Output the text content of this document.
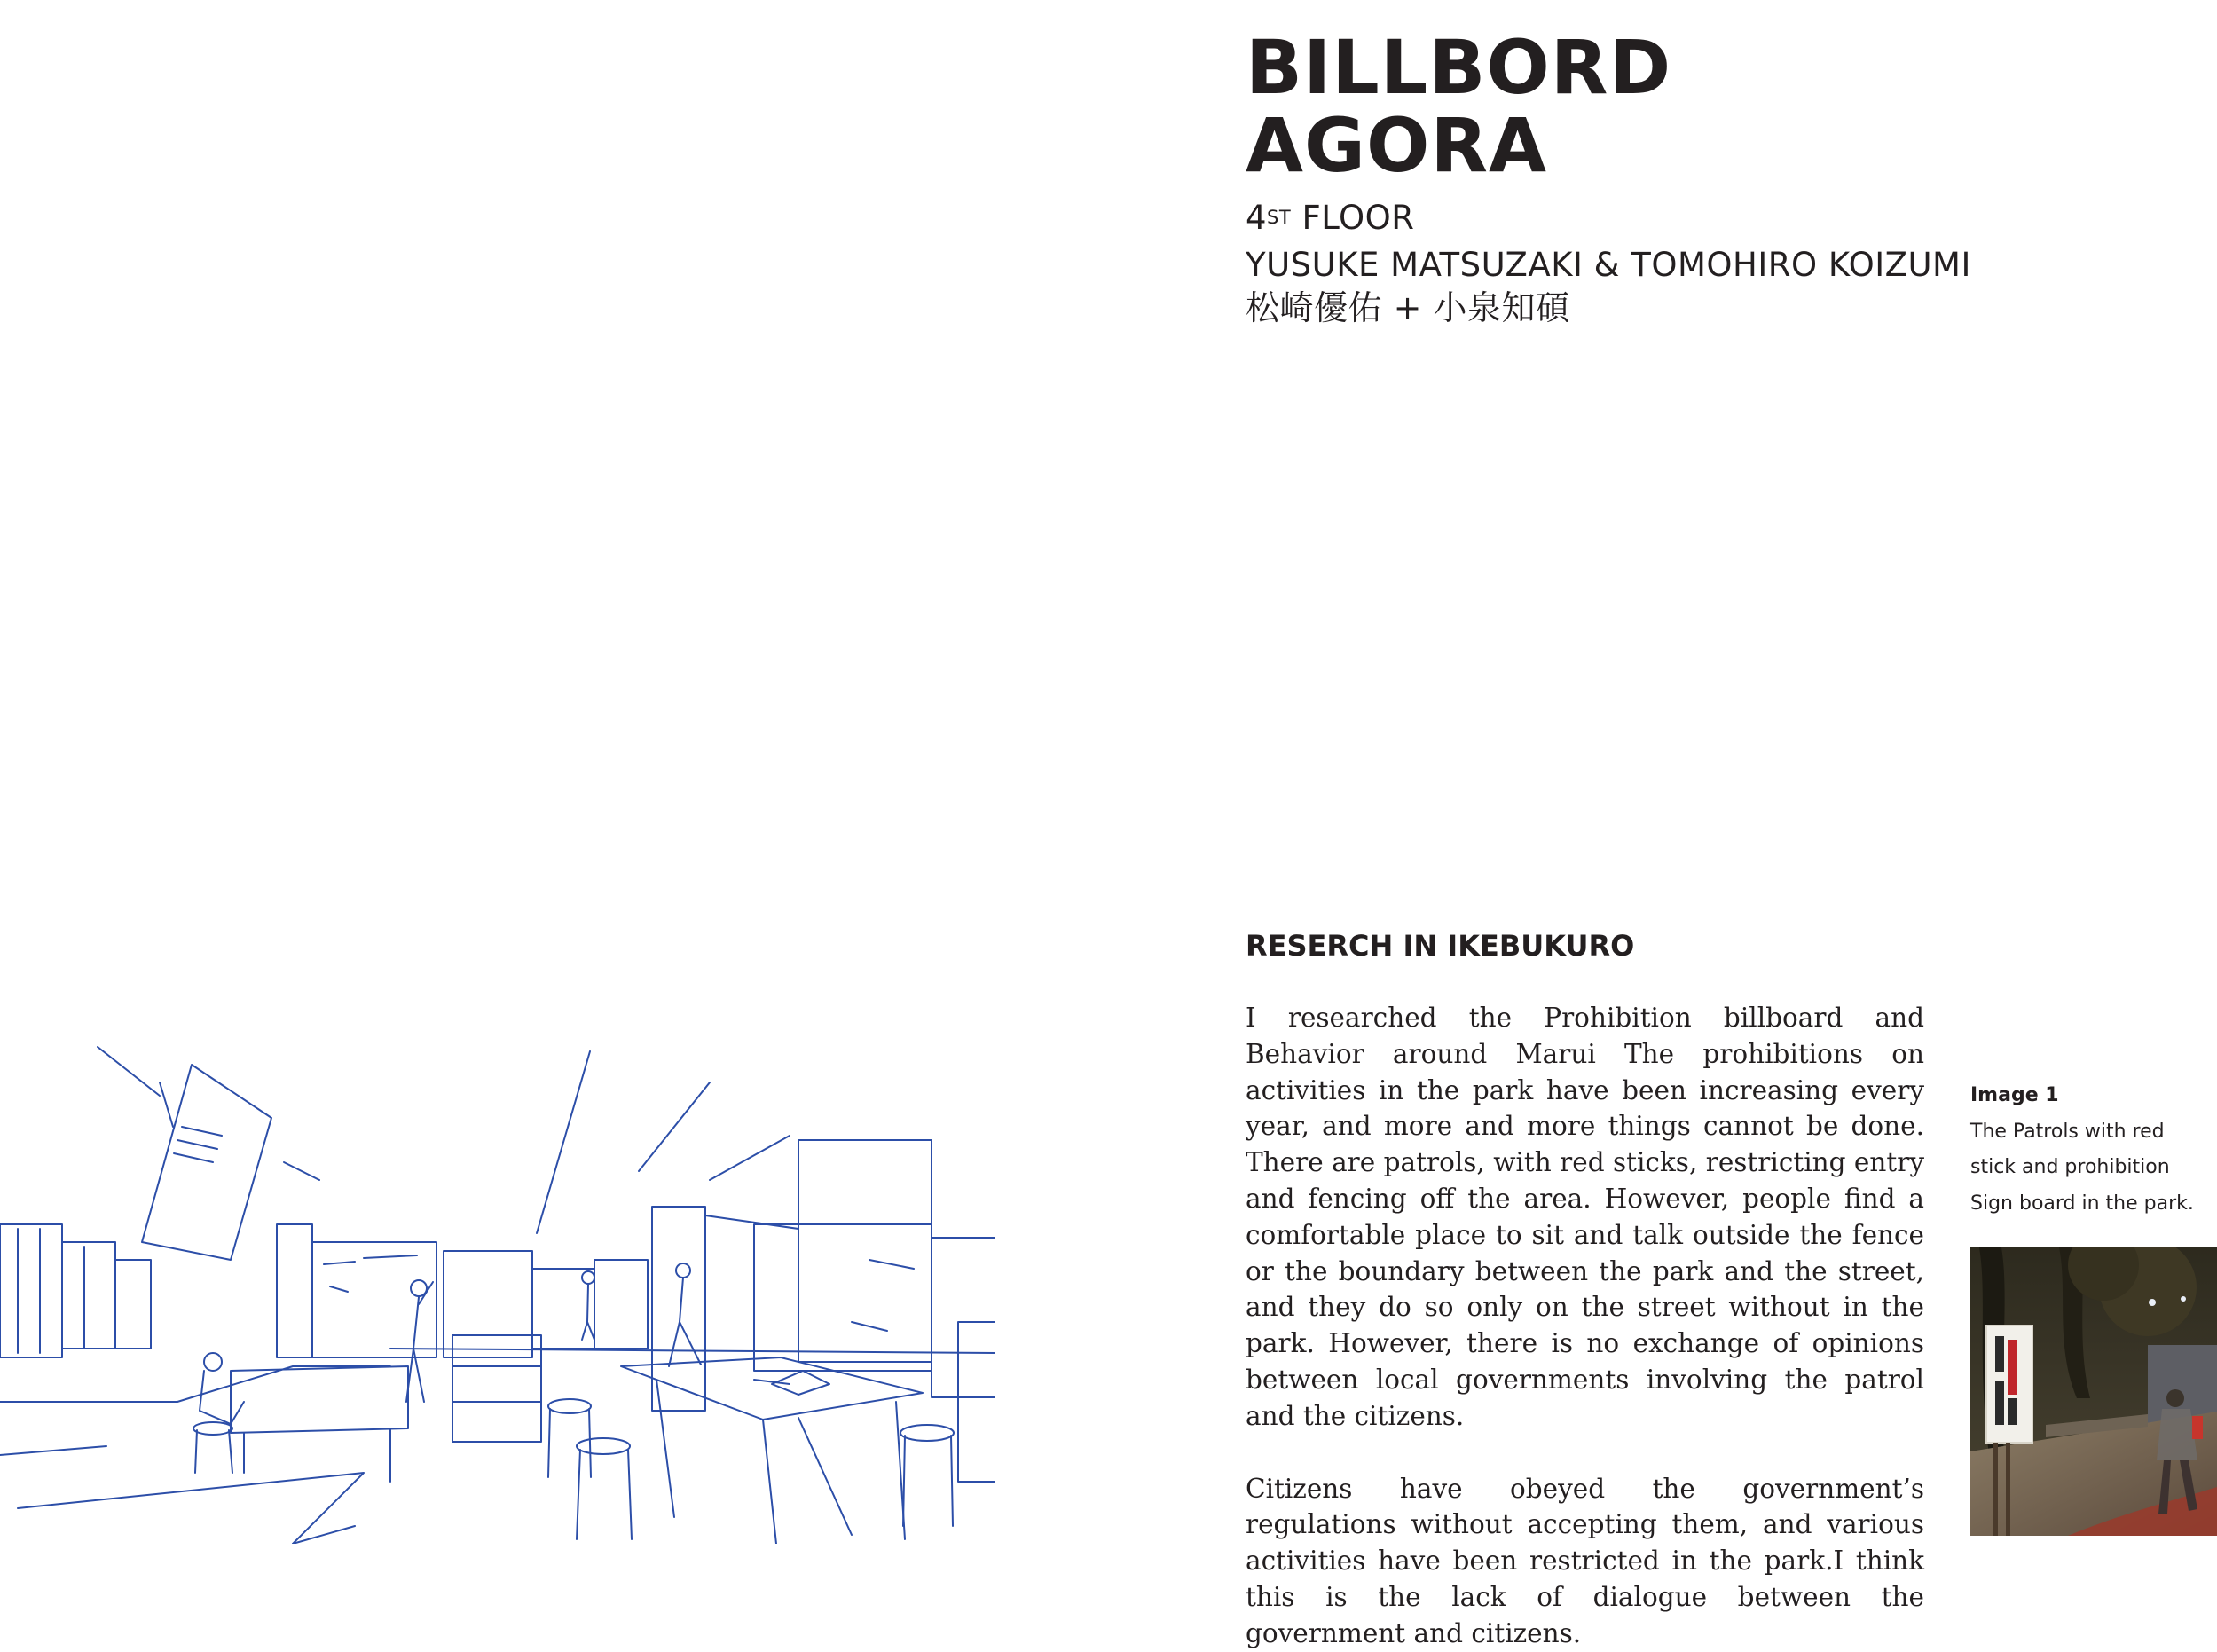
BILLBORD
AGORA
4ST FLOOR
YUSUKE MATSUZAKI & TOMOHIRO KOIZUMI
松崎優佑 + 小泉知碩
RESERCH IN IKEBUKURO

I researched the Prohibition billboard and Behavior around Marui The prohibitions on activities in the park have been increasing every year, and more and more things cannot be done. There are patrols, with red sticks, restricting entry and fencing off the area. However, people find a comfortable place to sit and talk outside the fence or the boundary between the park and the street, and they do so only on the street without in the park. However, there is no exchange of opinions between local governments involving the patrol and the citizens.

Citizens have obeyed the government’s regulations without accepting them, and various activities have been restricted in the park.I think this is the lack of dialogue between the government and citizens.

Image 1
The Patrols with red
stick and prohibition
Sign board in the park.
